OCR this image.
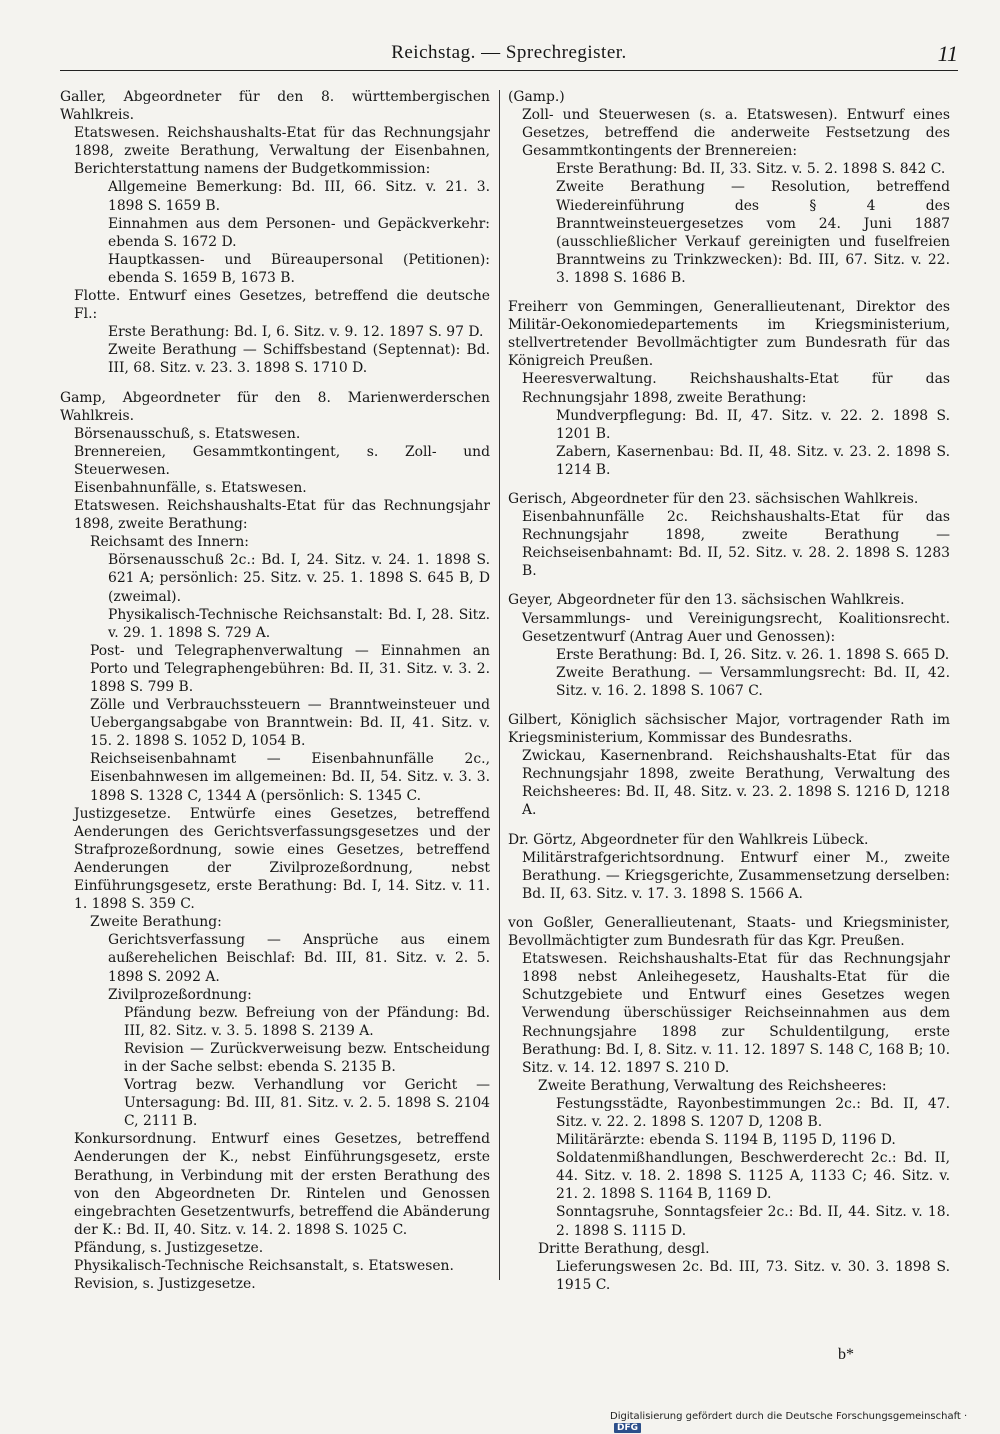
Reichstag. — Sprechregister.	11

Galler, Abgeordneter für den 8. württembergischen Wahlkreis.

Etatswesen. Reichshaushalts-Etat für das Rechnungsjahr 1898, zweite Berathung, Verwaltung der Eisenbahnen, Berichterstattung namens der Budgetkommission:

Allgemeine Bemerkung: Bd. III, 66. Sitz. v. 21. 3. 1898 S. 1659 B.

Einnahmen aus dem Personen- und Gepäckverkehr: ebenda S. 1672 D.

Hauptkassen- und Büreaupersonal (Petitionen): ebenda S. 1659 B, 1673 B.

Flotte. Entwurf eines Gesetzes, betreffend die deutsche Fl.:

Erste Berathung: Bd. I, 6. Sitz. v. 9. 12. 1897 S. 97 D.

Zweite Berathung — Schiffsbestand (Septennat): Bd. III, 68. Sitz. v. 23. 3. 1898 S. 1710 D.

Gamp, Abgeordneter für den 8. Marienwerderschen Wahlkreis.

Börsenausschuß, s. Etatswesen.

Brennereien, Gesammtkontingent, s. Zoll- und Steuerwesen.

Eisenbahnunfälle, s. Etatswesen.

Etatswesen. Reichshaushalts-Etat für das Rechnungsjahr 1898, zweite Berathung:

Reichsamt des Innern:

Börsenausschuß 2c.: Bd. I, 24. Sitz. v. 24. 1. 1898 S. 621 A; persönlich: 25. Sitz. v. 25. 1. 1898 S. 645 B, D (zweimal).

Physikalisch-Technische Reichsanstalt: Bd. I, 28. Sitz. v. 29. 1. 1898 S. 729 A.

Post- und Telegraphenverwaltung — Einnahmen an Porto und Telegraphengebühren: Bd. II, 31. Sitz. v. 3. 2. 1898 S. 799 B.

Zölle und Verbrauchssteuern — Branntweinsteuer und Uebergangsabgabe von Branntwein: Bd. II, 41. Sitz. v. 15. 2. 1898 S. 1052 D, 1054 B.

Reichseisenbahnamt — Eisenbahnunfälle 2c., Eisenbahnwesen im allgemeinen: Bd. II, 54. Sitz. v. 3. 3. 1898 S. 1328 C, 1344 A (persönlich: S. 1345 C.

Justizgesetze. Entwürfe eines Gesetzes, betreffend Aenderungen des Gerichtsverfassungsgesetzes und der Strafprozeßordnung, sowie eines Gesetzes, betreffend Aenderungen der Zivilprozeßordnung, nebst Einführungsgesetz, erste Berathung: Bd. I, 14. Sitz. v. 11. 1. 1898 S. 359 C.

Zweite Berathung:

Gerichtsverfassung — Ansprüche aus einem außerehelichen Beischlaf: Bd. III, 81. Sitz. v. 2. 5. 1898 S. 2092 A.

Zivilprozeßordnung:

Pfändung bezw. Befreiung von der Pfändung: Bd. III, 82. Sitz. v. 3. 5. 1898 S. 2139 A.

Revision — Zurückverweisung bezw. Entscheidung in der Sache selbst: ebenda S. 2135 B.

Vortrag bezw. Verhandlung vor Gericht — Untersagung: Bd. III, 81. Sitz. v. 2. 5. 1898 S. 2104 C, 2111 B.

Konkursordnung. Entwurf eines Gesetzes, betreffend Aenderungen der K., nebst Einführungsgesetz, erste Berathung, in Verbindung mit der ersten Berathung des von den Abgeordneten Dr. Rintelen und Genossen eingebrachten Gesetzentwurfs, betreffend die Abänderung der K.: Bd. II, 40. Sitz. v. 14. 2. 1898 S. 1025 C.

Pfändung, s. Justizgesetze.

Physikalisch-Technische Reichsanstalt, s. Etatswesen.

Revision, s. Justizgesetze.

(Gamp.)

Zoll- und Steuerwesen (s. a. Etatswesen). Entwurf eines Gesetzes, betreffend die anderweite Festsetzung des Gesammtkontingents der Brennereien:

Erste Berathung: Bd. II, 33. Sitz. v. 5. 2. 1898 S. 842 C.

Zweite Berathung — Resolution, betreffend Wiedereinführung des § 4 des Branntweinsteuergesetzes vom 24. Juni 1887 (ausschließlicher Verkauf gereinigten und fuselfreien Branntweins zu Trinkzwecken): Bd. III, 67. Sitz. v. 22. 3. 1898 S. 1686 B.

Freiherr von Gemmingen, Generallieutenant, Direktor des Militär-Oekonomiedepartements im Kriegsministerium, stellvertretender Bevollmächtigter zum Bundesrath für das Königreich Preußen.

Heeresverwaltung. Reichshaushalts-Etat für das Rechnungsjahr 1898, zweite Berathung:

Mundverpflegung: Bd. II, 47. Sitz. v. 22. 2. 1898 S. 1201 B.

Zabern, Kasernenbau: Bd. II, 48. Sitz. v. 23. 2. 1898 S. 1214 B.

Gerisch, Abgeordneter für den 23. sächsischen Wahlkreis.

Eisenbahnunfälle 2c. Reichshaushalts-Etat für das Rechnungsjahr 1898, zweite Berathung — Reichseisenbahnamt: Bd. II, 52. Sitz. v. 28. 2. 1898 S. 1283 B.

Geyer, Abgeordneter für den 13. sächsischen Wahlkreis.

Versammlungs- und Vereinigungsrecht, Koalitionsrecht. Gesetzentwurf (Antrag Auer und Genossen):

Erste Berathung: Bd. I, 26. Sitz. v. 26. 1. 1898 S. 665 D.

Zweite Berathung. — Versammlungsrecht: Bd. II, 42. Sitz. v. 16. 2. 1898 S. 1067 C.

Gilbert, Königlich sächsischer Major, vortragender Rath im Kriegsministerium, Kommissar des Bundesraths.

Zwickau, Kasernenbrand. Reichshaushalts-Etat für das Rechnungsjahr 1898, zweite Berathung, Verwaltung des Reichsheeres: Bd. II, 48. Sitz. v. 23. 2. 1898 S. 1216 D, 1218 A.

Dr. Görtz, Abgeordneter für den Wahlkreis Lübeck.

Militärstrafgerichtsordnung. Entwurf einer M., zweite Berathung. — Kriegsgerichte, Zusammensetzung derselben: Bd. II, 63. Sitz. v. 17. 3. 1898 S. 1566 A.

von Goßler, Generallieutenant, Staats- und Kriegsminister, Bevollmächtigter zum Bundesrath für das Kgr. Preußen.

Etatswesen. Reichshaushalts-Etat für das Rechnungsjahr 1898 nebst Anleihegesetz, Haushalts-Etat für die Schutzgebiete und Entwurf eines Gesetzes wegen Verwendung überschüssiger Reichseinnahmen aus dem Rechnungsjahre 1898 zur Schuldentilgung, erste Berathung: Bd. I, 8. Sitz. v. 11. 12. 1897 S. 148 C, 168 B; 10. Sitz. v. 14. 12. 1897 S. 210 D.

Zweite Berathung, Verwaltung des Reichsheeres:

Festungsstädte, Rayonbestimmungen 2c.: Bd. II, 47. Sitz. v. 22. 2. 1898 S. 1207 D, 1208 B.

Militärärzte: ebenda S. 1194 B, 1195 D, 1196 D.

Soldatenmißhandlungen, Beschwerderecht 2c.: Bd. II, 44. Sitz. v. 18. 2. 1898 S. 1125 A, 1133 C; 46. Sitz. v. 21. 2. 1898 S. 1164 B, 1169 D.

Sonntagsruhe, Sonntagsfeier 2c.: Bd. II, 44. Sitz. v. 18. 2. 1898 S. 1115 D.

Dritte Berathung, desgl.

Lieferungswesen 2c. Bd. III, 73. Sitz. v. 30. 3. 1898 S. 1915 C.

b*
Digitalisierung gefördert durch die Deutsche Forschungsgemeinschaft · DFG
